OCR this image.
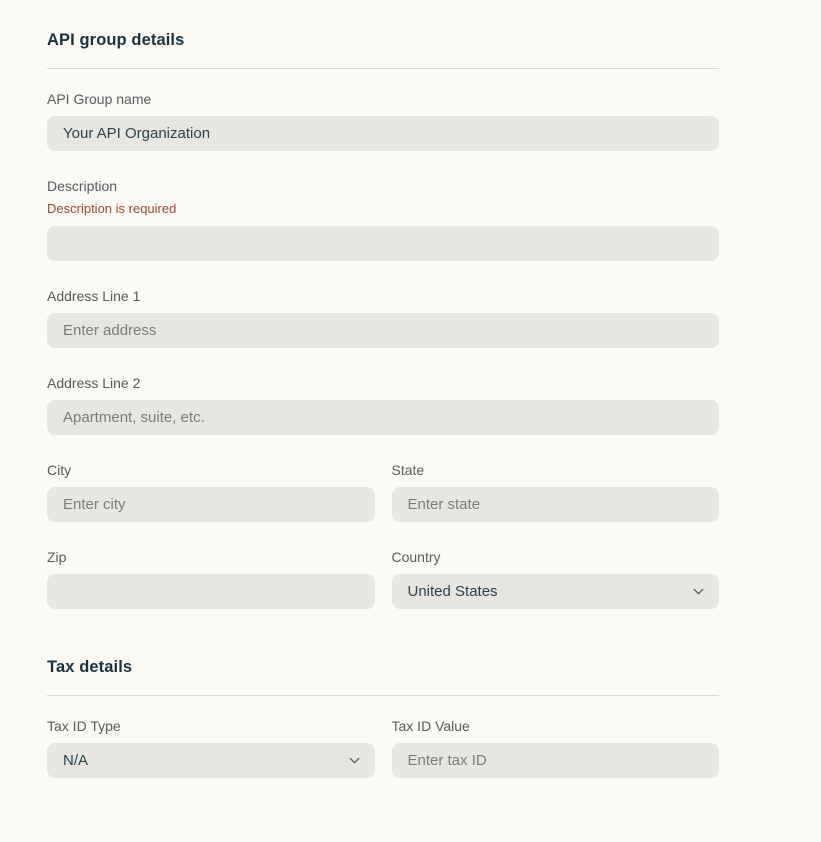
API group details
API Group name
Your API Organization
Description
Description is required
Address Line 1
Enter address
Address Line 2
Apartment, suite, etc.
City
Enter city	State
Enter state
Zip	Country
United States
Tax details
Tax ID Type
N/A
Tax ID Value
Enter tax ID
